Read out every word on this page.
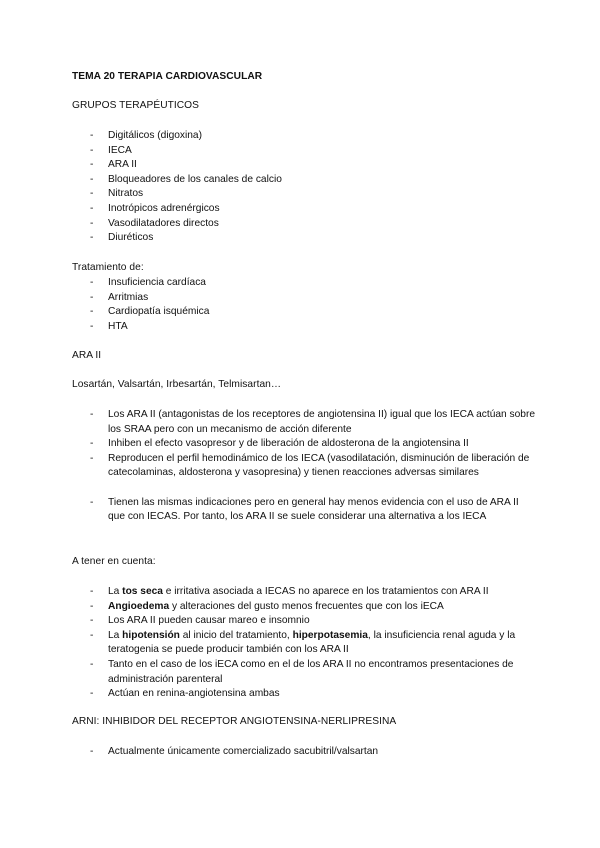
TEMA 20 TERAPIA CARDIOVASCULAR
GRUPOS TERAPÉUTICOS
- Digitálicos (digoxina)
- IECA
- ARA II
- Bloqueadores de los canales de calcio
- Nitratos
- Inotrópicos adrenérgicos
- Vasodilatadores directos
- Diuréticos
Tratamiento de:
- Insuficiencia cardíaca
- Arritmias
- Cardiopatía isquémica
- HTA
ARA II
Losartán, Valsartán, Irbesartán, Telmisartan…
- Los ARA II (antagonistas de los receptores de angiotensina II) igual que los IECA actúan sobre los SRAA pero con un mecanismo de acción diferente
- Inhiben el efecto vasopresor y de liberación de aldosterona de la angiotensina II
- Reproducen el perfil hemodinámico de los IECA (vasodilatación, disminución de liberación de catecolaminas, aldosterona y vasopresina) y tienen reacciones adversas similares
- Tienen las mismas indicaciones pero en general hay menos evidencia con el uso de ARA II que con IECAS. Por tanto, los ARA II se suele considerar una alternativa a los IECA
A tener en cuenta:
- La tos seca e irritativa asociada a IECAS no aparece en los tratamientos con ARA II
- Angioedema y alteraciones del gusto menos frecuentes que con los iECA
- Los ARA II pueden causar mareo e insomnio
- La hipotensión al inicio del tratamiento, hiperpotasemia, la insuficiencia renal aguda y la teratogenia se puede producir también con los ARA II
- Tanto en el caso de los iECA como en el de los ARA II no encontramos presentaciones de administración parenteral
- Actúan en renina-angiotensina ambas
ARNI: INHIBIDOR DEL RECEPTOR ANGIOTENSINA-NERLIPRESINA
- Actualmente únicamente comercializado sacubitril/valsartan
